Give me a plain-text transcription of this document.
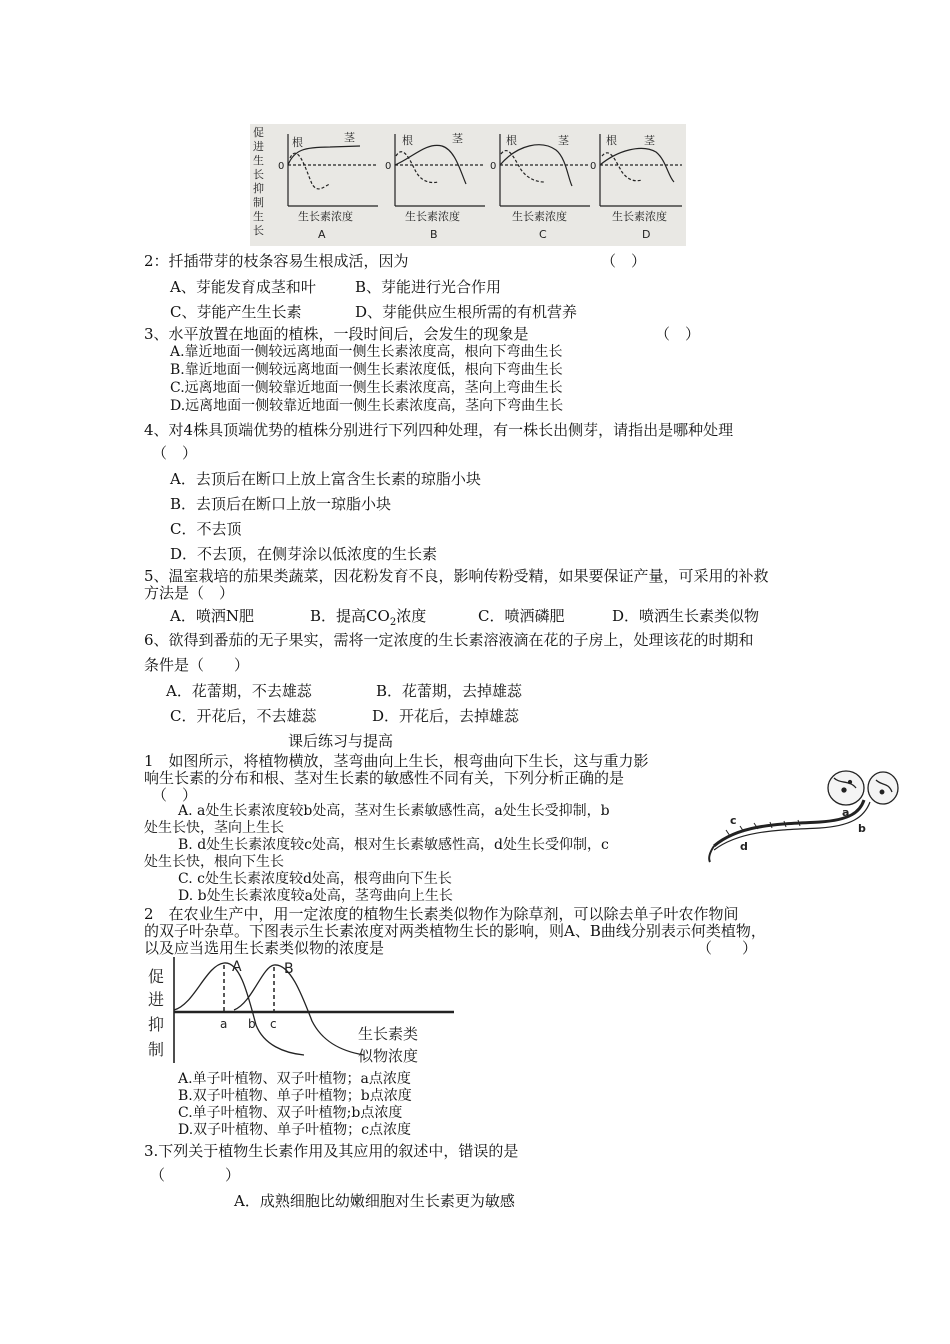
促
进
生
长
抑
制
生
长
0	0	0	0
根	茎	根	茎	根	茎	根 茎
生长素浓度	生长素浓度	生长素浓度	生长素浓度
A	B	C	D
2：扦插带芽的枝条容易生根成活，因为	（　）
A、芽能发育成茎和叶	B、芽能进行光合作用
C、芽能产生生长素	D、芽能供应生根所需的有机营养
3、水平放置在地面的植株，一段时间后，会发生的现象是	（　）
A.靠近地面一侧较远离地面一侧生长素浓度高，根向下弯曲生长
B.靠近地面一侧较远离地面一侧生长素浓度低，根向下弯曲生长
C.远离地面一侧较靠近地面一侧生长素浓度高，茎向上弯曲生长
D.远离地面一侧较靠近地面一侧生长素浓度高，茎向下弯曲生长
4、对4株具顶端优势的植株分别进行下列四种处理，有一株长出侧芽，请指出是哪种处理
（　）
A．去顶后在断口上放上富含生长素的琼脂小块
B．去顶后在断口上放一琼脂小块
C．不去顶
D．不去顶，在侧芽涂以低浓度的生长素
5、温室栽培的茄果类蔬菜，因花粉发育不良，影响传粉受精，如果要保证产量，可采用的补救
方法是（　）
A．喷洒N肥	B．提高$CO_2$浓度	C．喷洒磷肥	D．喷洒生长素类似物
6、欲得到番茄的无子果实，需将一定浓度的生长素溶液滴在花的子房上，处理该花的时期和
条件是（　　）
A．花蕾期，不去雄蕊	B．花蕾期，去掉雄蕊
C．开花后，不去雄蕊	D．开花后，去掉雄蕊
课后练习与提高
1　如图所示，将植物横放，茎弯曲向上生长，根弯曲向下生长，这与重力影
响生长素的分布和根、茎对生长素的敏感性不同有关，下列分析正确的是
（　）
A. a处生长素浓度较b处高，茎对生长素敏感性高，a处生长受抑制，b
处生长快，茎向上生长
B. d处生长素浓度较c处高，根对生长素敏感性高，d处生长受仰制，c
处生长快，根向下生长
C. c处生长素浓度较d处高，根弯曲向下生长
D. b处生长素浓度较a处高，茎弯曲向上生长
a
b
c
d
2　在农业生产中，用一定浓度的植物生长素类似物作为除草剂，可以除去单子叶农作物间
的双子叶杂草。下图表示生长素浓度对两类植物生长的影响，则A、B曲线分别表示何类植物，
以及应当选用生长素类似物的浓度是	（　　）
促
进
抑
制
A	B
a b c
生长素类
似物浓度
A.单子叶植物、双子叶植物；a点浓度
B.双子叶植物、单子叶植物；b点浓度
C.单子叶植物、双子叶植物;b点浓度
D.双子叶植物、单子叶植物；c点浓度
3.下列关于植物生长素作用及其应用的叙述中，错误的是
（　　　　）
A．成熟细胞比幼嫩细胞对生长素更为敏感
